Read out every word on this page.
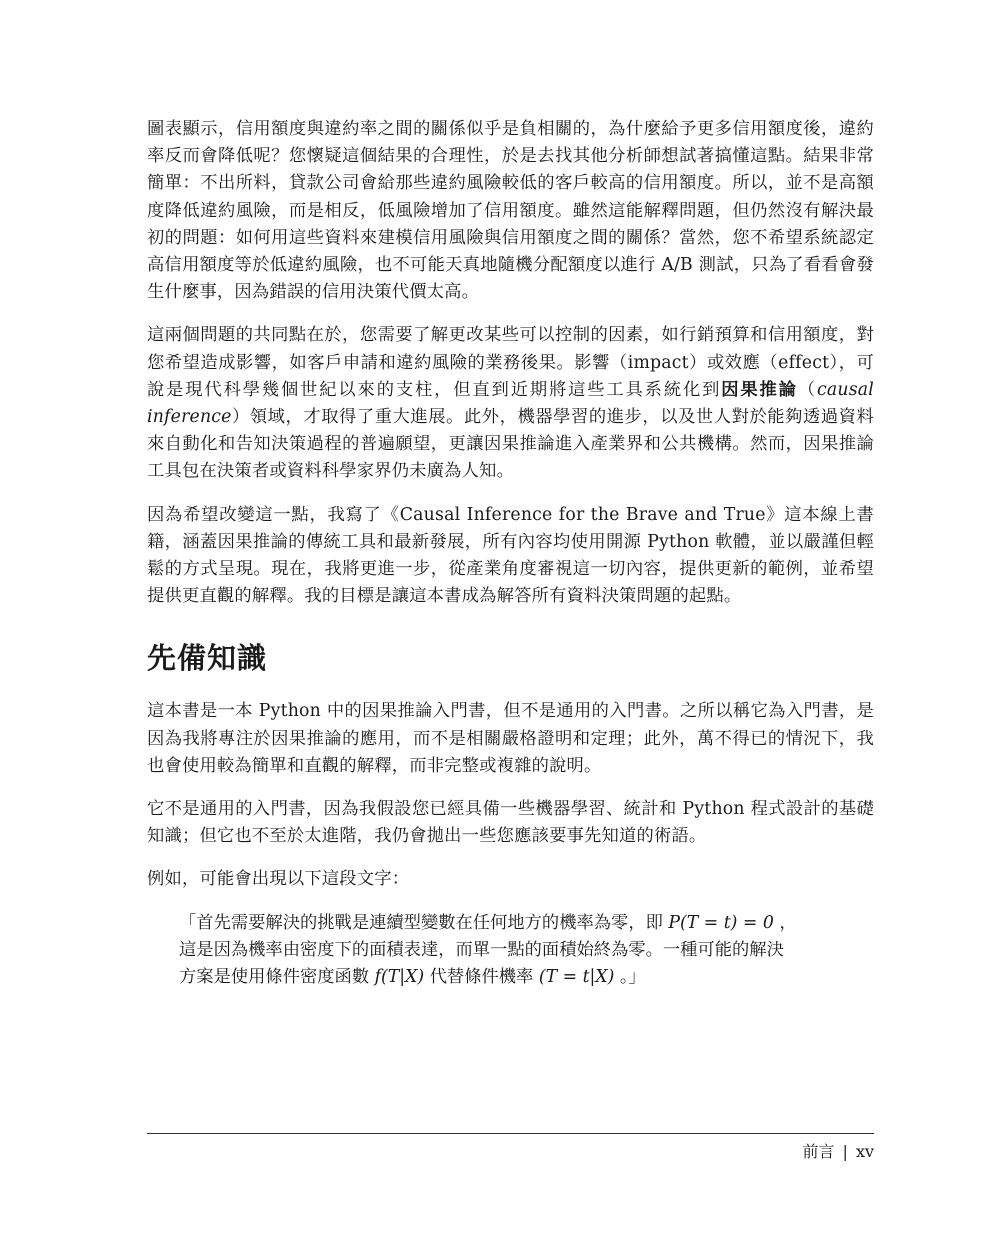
圖表顯示，信用額度與違約率之間的關係似乎是負相關的，為什麼給予更多信用額度後，違約率反而會降低呢？您懷疑這個結果的合理性，於是去找其他分析師想試著搞懂這點。結果非常簡單：不出所料，貸款公司會給那些違約風險較低的客戶較高的信用額度。所以，並不是高額度降低違約風險，而是相反，低風險增加了信用額度。雖然這能解釋問題，但仍然沒有解決最初的問題：如何用這些資料來建模信用風險與信用額度之間的關係？當然，您不希望系統認定高信用額度等於低違約風險，也不可能天真地隨機分配額度以進行 A/B 測試，只為了看看會發生什麼事，因為錯誤的信用決策代價太高。

這兩個問題的共同點在於，您需要了解更改某些可以控制的因素，如行銷預算和信用額度，對您希望造成影響，如客戶申請和違約風險的業務後果。影響（impact）或效應（effect），可說是現代科學幾個世紀以來的支柱，但直到近期將這些工具系統化到因果推論（causal inference）領域，才取得了重大進展。此外，機器學習的進步，以及世人對於能夠透過資料來自動化和告知決策過程的普遍願望，更讓因果推論進入產業界和公共機構。然而，因果推論工具包在決策者或資料科學家界仍未廣為人知。

因為希望改變這一點，我寫了《Causal Inference for the Brave and True》這本線上書籍，涵蓋因果推論的傳統工具和最新發展，所有內容均使用開源 Python 軟體，並以嚴謹但輕鬆的方式呈現。現在，我將更進一步，從產業角度審視這一切內容，提供更新的範例，並希望提供更直觀的解釋。我的目標是讓這本書成為解答所有資料決策問題的起點。

先備知識

這本書是一本 Python 中的因果推論入門書，但不是通用的入門書。之所以稱它為入門書，是因為我將專注於因果推論的應用，而不是相關嚴格證明和定理；此外，萬不得已的情況下，我也會使用較為簡單和直觀的解釋，而非完整或複雜的說明。

它不是通用的入門書，因為我假設您已經具備一些機器學習、統計和 Python 程式設計的基礎知識；但它也不至於太進階，我仍會拋出一些您應該要事先知道的術語。

例如，可能會出現以下這段文字：

「首先需要解決的挑戰是連續型變數在任何地方的機率為零，即 P(T = t) = 0 ，
這是因為機率由密度下的面積表達，而單一點的面積始終為零。一種可能的解決
方案是使用條件密度函數 f(T|X) 代替條件機率 (T = t|X) 。」
前言 | xv
